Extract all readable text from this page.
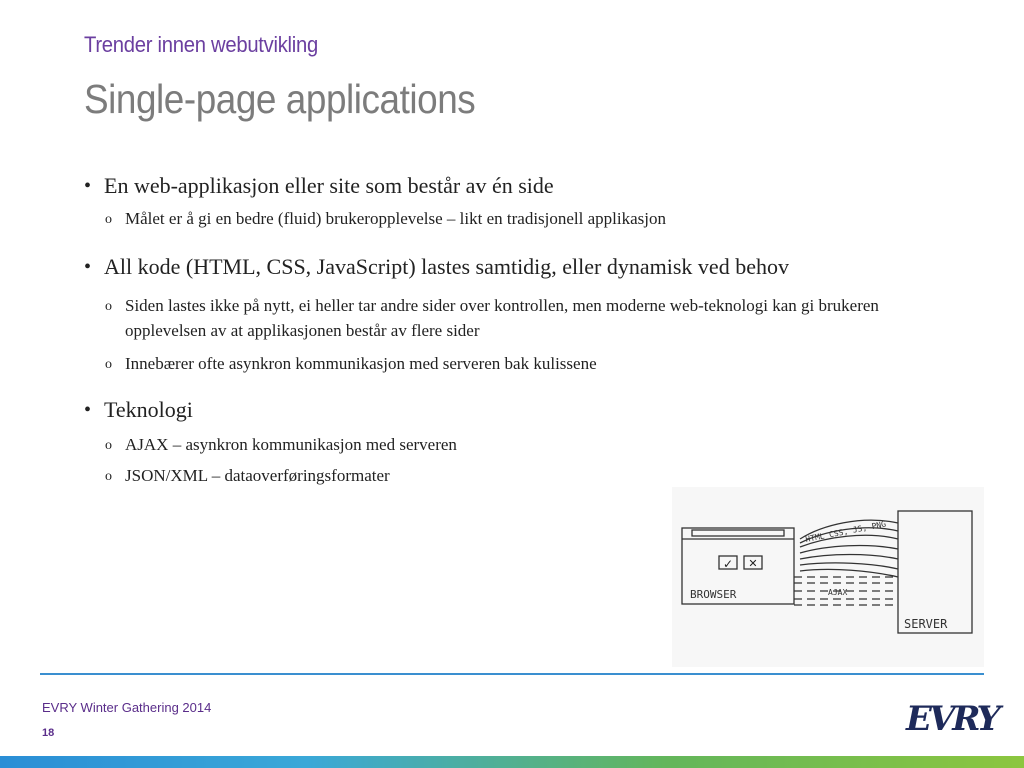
Trender innen webutvikling
Single-page applications
• En web-applikasjon eller site som består av én side
o Målet er å gi en bedre (fluid) brukeropplevelse – likt en tradisjonell applikasjon
• All kode (HTML, CSS, JavaScript) lastes samtidig, eller dynamisk ved behov
o Siden lastes ikke på nytt, ei heller tar andre sider over kontrollen, men moderne web-teknologi kan gi brukeren opplevelsen av at applikasjonen består av flere sider
o Innebærer ofte asynkron kommunikasjon med serveren bak kulissene
• Teknologi
o AJAX – asynkron kommunikasjon med serveren
o JSON/XML – dataoverføringsformater
✓ ✕
BROWSER
SERVER
HTML CSS, JS, PNG
AJAX
EVRY Winter Gathering 2014
18	EVRY
